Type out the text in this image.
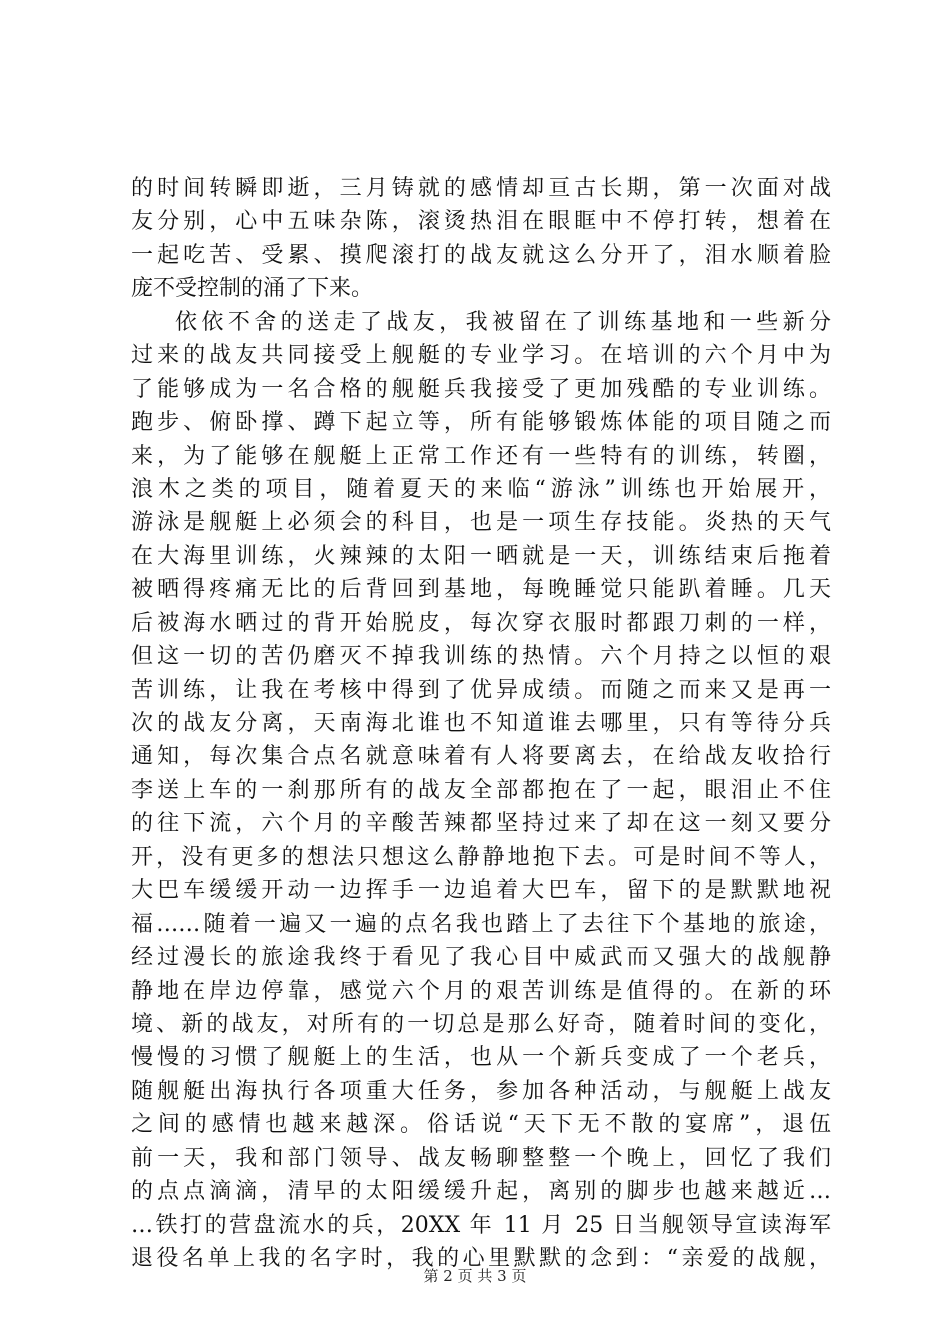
的时间转瞬即逝，三月铸就的感情却亘古长期，第一次面对战
友分别，心中五味杂陈，滚烫热泪在眼眶中不停打转，想着在
一起吃苦、受累、摸爬滚打的战友就这么分开了，泪水顺着脸
庞不受控制的涌了下来。
依依不舍的送走了战友，我被留在了训练基地和一些新分
过来的战友共同接受上舰艇的专业学习。在培训的六个月中为
了能够成为一名合格的舰艇兵我接受了更加残酷的专业训练。
跑步、俯卧撑、蹲下起立等，所有能够锻炼体能的项目随之而
来，为了能够在舰艇上正常工作还有一些特有的训练，转圈，
浪木之类的项目，随着夏天的来临“游泳”训练也开始展开，
游泳是舰艇上必须会的科目，也是一项生存技能。炎热的天气
在大海里训练，火辣辣的太阳一晒就是一天，训练结束后拖着
被晒得疼痛无比的后背回到基地，每晚睡觉只能趴着睡。几天
后被海水晒过的背开始脱皮，每次穿衣服时都跟刀刺的一样，
但这一切的苦仍磨灭不掉我训练的热情。六个月持之以恒的艰
苦训练，让我在考核中得到了优异成绩。而随之而来又是再一
次的战友分离，天南海北谁也不知道谁去哪里，只有等待分兵
通知，每次集合点名就意味着有人将要离去，在给战友收拾行
李送上车的一刹那所有的战友全部都抱在了一起，眼泪止不住
的往下流，六个月的辛酸苦辣都坚持过来了却在这一刻又要分
开，没有更多的想法只想这么静静地抱下去。可是时间不等人，
大巴车缓缓开动一边挥手一边追着大巴车，留下的是默默地祝
福……随着一遍又一遍的点名我也踏上了去往下个基地的旅途，
经过漫长的旅途我终于看见了我心目中威武而又强大的战舰静
静地在岸边停靠，感觉六个月的艰苦训练是值得的。在新的环
境、新的战友，对所有的一切总是那么好奇，随着时间的变化，
慢慢的习惯了舰艇上的生活，也从一个新兵变成了一个老兵，
随舰艇出海执行各项重大任务，参加各种活动，与舰艇上战友
之间的感情也越来越深。俗话说“天下无不散的宴席”，退伍
前一天，我和部门领导、战友畅聊整整一个晚上，回忆了我们
的点点滴滴，清早的太阳缓缓升起，离别的脚步也越来越近…
…铁打的营盘流水的兵，20XX 年 11 月 25 日当舰领导宣读海军
退役名单上我的名字时，我的心里默默的念到：“亲爱的战舰，
第 2 页 共 3 页
